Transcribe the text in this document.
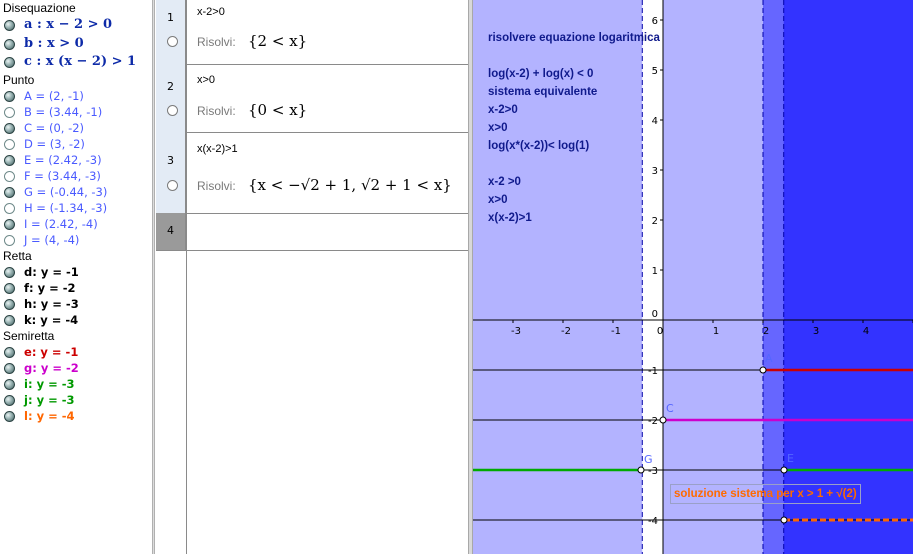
Disequazione
a : x − 2 > 0
b : x > 0
c : x (x − 2) > 1
Punto
A = (2, -1)
B = (3.44, -1)
C = (0, -2)
D = (3, -2)
E = (2.42, -3)
F = (3.44, -3)
G = (-0.44, -3)
H = (-1.34, -3)
I = (2.42, -4)
J = (4, -4)
Retta
d: y = -1
f: y = -2
h: y = -3
k: y = -4
Semiretta
e: y = -1
g: y = -2
i: y = -3
j: y = -3
l: y = -4
1	x-2>0
Risolvi: {2 < x}
2	x>0
Risolvi: {0 < x}
3
x(x-2)>1
Risolvi: {x < −√2 + 1, √2 + 1 < x}
4
-3	-2	-1	0	1	2	3	4
6
5
4
3
2
1
0
-1
-2
-3
-4
A
C
E
G
risolvere equazione logaritmica
log(x-2) + log(x) < 0
sistema equivalente
x-2>0
x>0
log(x*(x-2))< log(1)
x-2 >0
x>0
x(x-2)>1
soluzione sistema per x > 1 + √(2)
